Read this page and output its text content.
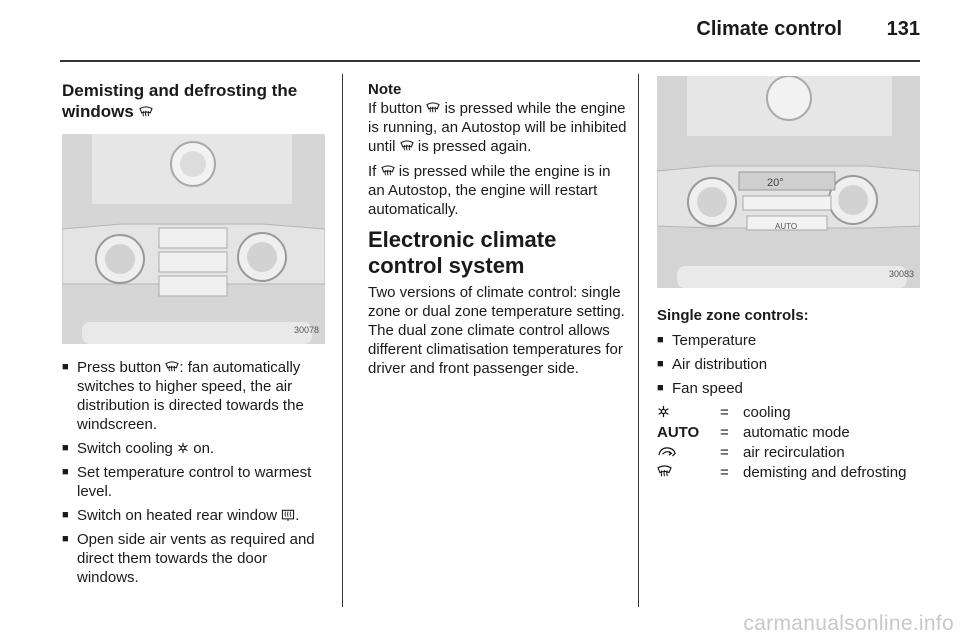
Climate control 131
Demisting and defrosting the windows
30078
■ Press button : fan automatically switches to higher speed, the air distribution is directed towards the windscreen.
■ Switch cooling  on.
■ Set temperature control to warmest level.
■ Switch on heated rear window .
■ Open side air vents as required and direct them towards the door windows.
Note

If button is pressed while the engine is running, an Autostop will be inhibited until is pressed again.

If is pressed while the engine is in an Autostop, the engine will restart automatically.

Electronic climate control system

Two versions of climate control: single zone or dual zone temperature setting. The dual zone climate control allows different climatisation temperatures for driver and front passenger side.

20°
AUTO
30083
Single zone controls:
■ Temperature
■ Air distribution
■ Fan speed
	=	cooling
AUTO	=	automatic mode
	=	air recirculation
	=	demisting and defrosting
carmanualsonline.info
